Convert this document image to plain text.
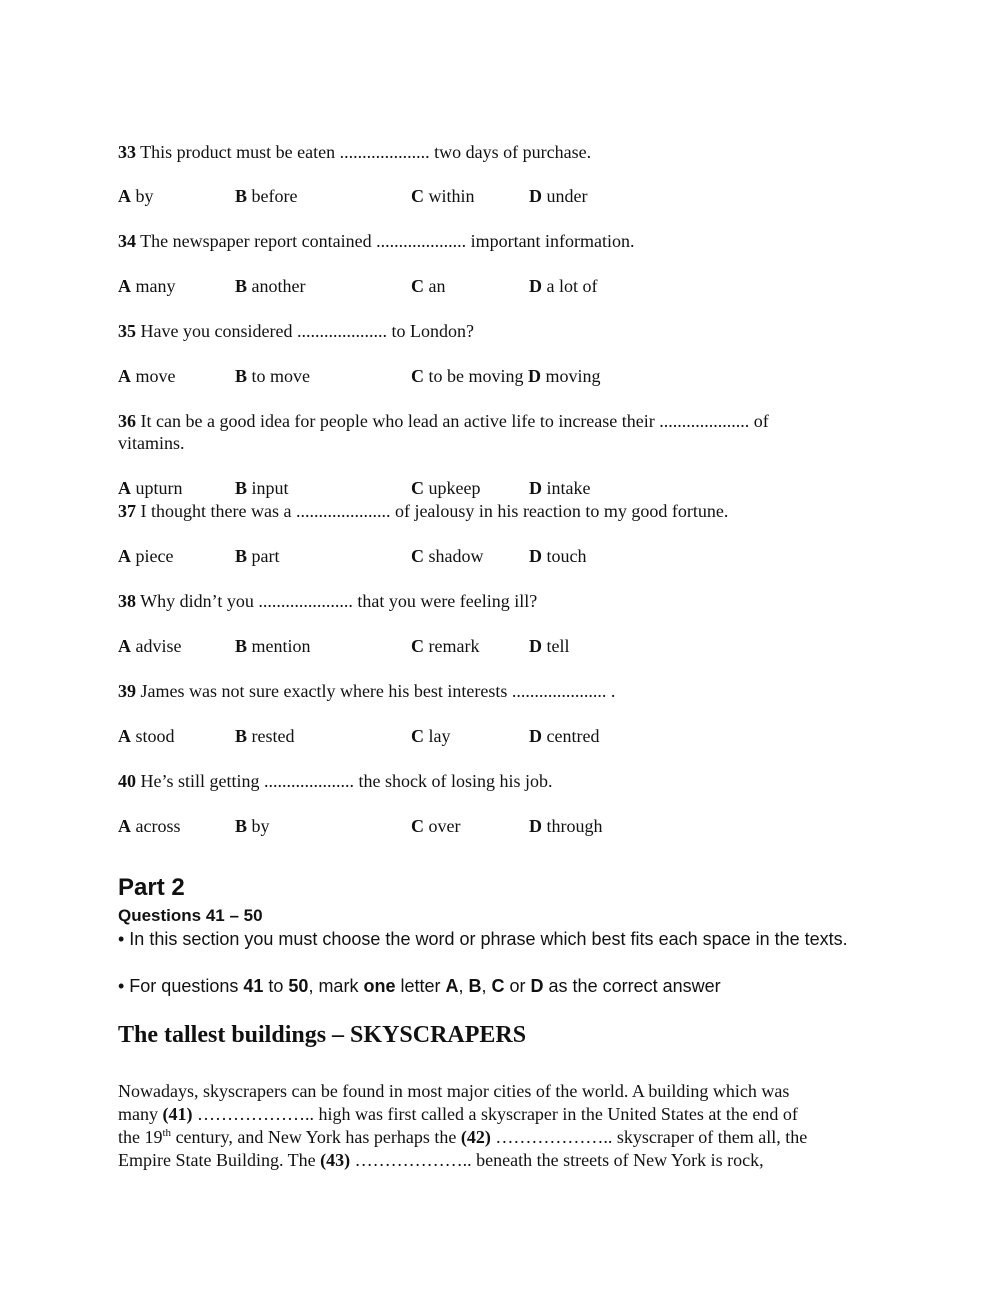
33 This product must be eaten .................... two days of purchase.
A by	B before	C within	D under
34 The newspaper report contained .................... important information.
A many	B another	C an	D a lot of
35 Have you considered .................... to London?
A move	B to move	C to be moving D moving
36 It can be a good idea for people who lead an active life to increase their .................... of vitamins.
A upturn	B input	C upkeep	D intake
37 I thought there was a ..................... of jealousy in his reaction to my good fortune.
A piece	B part	C shadow	D touch
38 Why didn’t you ..................... that you were feeling ill?
A advise	B mention	C remark	D tell
39 James was not sure exactly where his best interests ..................... .
A stood	B rested	C lay	D centred
40 He’s still getting .................... the shock of losing his job.
A across	B by	C over	D through
Part 2
Questions 41 – 50
• In this section you must choose the word or phrase which best fits each space in the texts.
• For questions 41 to 50, mark one letter A, B, C or D as the correct answer
The tallest buildings – SKYSCRAPERS

Nowadays, skyscrapers can be found in most major cities of the world. A building which was

many (41) ……………….. high was first called a skyscraper in the United States at the end of

the 19th century, and New York has perhaps the (42) ……………….. skyscraper of them all, the

Empire State Building. The (43) ……………….. beneath the streets of New York is rock,
